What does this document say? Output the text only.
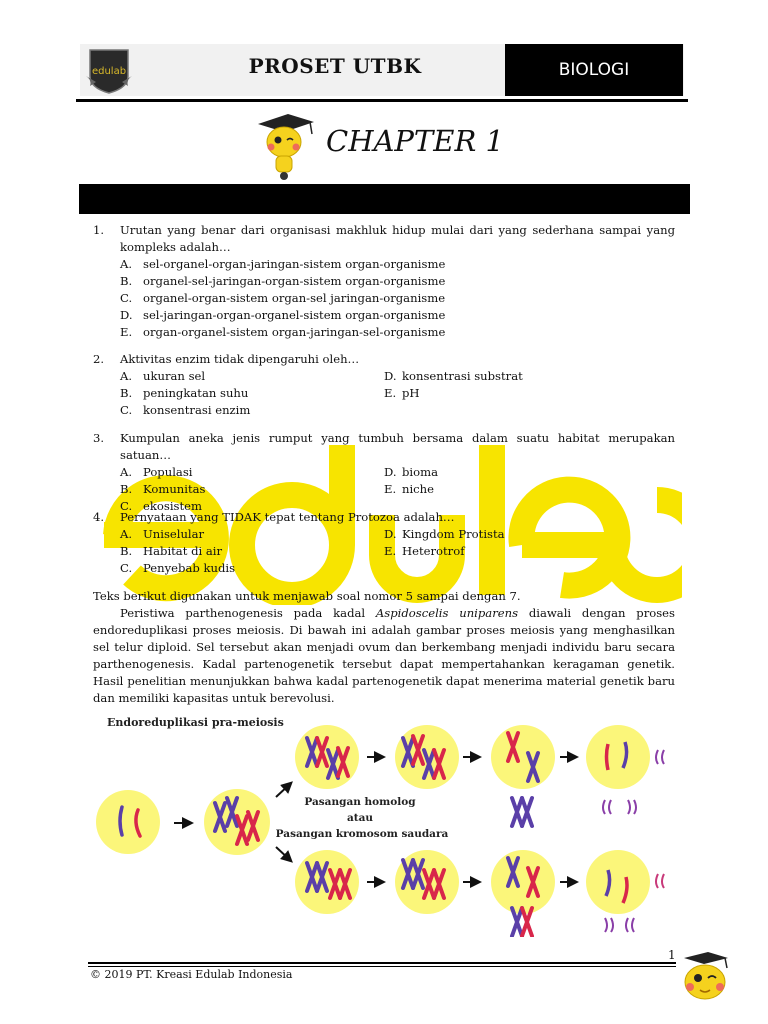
edulab	PROSET UTBK	BIOLOGI
CHAPTER 1
1. Urutan yang benar dari organisasi makhluk hidup mulai dari yang sederhana sampai yang kompleks adalah…
A. sel-organel-organ-jaringan-sistem organ-organisme
B. organel-sel-jaringan-organ-sistem organ-organisme
C. organel-organ-sistem organ-sel jaringan-organisme
D. sel-jaringan-organ-organel-sistem organ-organisme
E. organ-organel-sistem organ-jaringan-sel-organisme
2. Aktivitas enzim tidak dipengaruhi oleh…
A. ukuran sel	D. konsentrasi substrat
B. peningkatan suhu	E. pH
C. konsentrasi enzim
3. Kumpulan aneka jenis rumput yang tumbuh bersama dalam suatu habitat merupakan satuan…
A. Populasi	D. bioma
B. Komunitas	E. niche
C. ekosistem
4. Pernyataan yang TIDAK tepat tentang Protozoa adalah…
A. Uniselular	D. Kingdom Protista
B. Habitat di air	E. Heterotrof
C. Penyebab kudis
Teks berikut digunakan untuk menjawab soal nomor 5 sampai dengan 7.
Peristiwa parthenogenesis pada kadal Aspidoscelis uniparens diawali dengan proses endoreduplikasi proses meiosis. Di bawah ini adalah gambar proses meiosis yang menghasilkan sel telur diploid. Sel tersebut akan menjadi ovum dan berkembang menjadi individu baru secara parthenogenesis. Kadal partenogenetik tersebut dapat mempertahankan keragaman genetik. Hasil penelitian menunjukkan bahwa kadal partenogenetik dapat menerima material genetik baru dan memiliki kapasitas untuk berevolusi.
Endoreduplikasi pra-meiosis
Pasangan homolog
atau
Pasangan kromosom saudara
1
© 2019 PT. Kreasi Edulab Indonesia
